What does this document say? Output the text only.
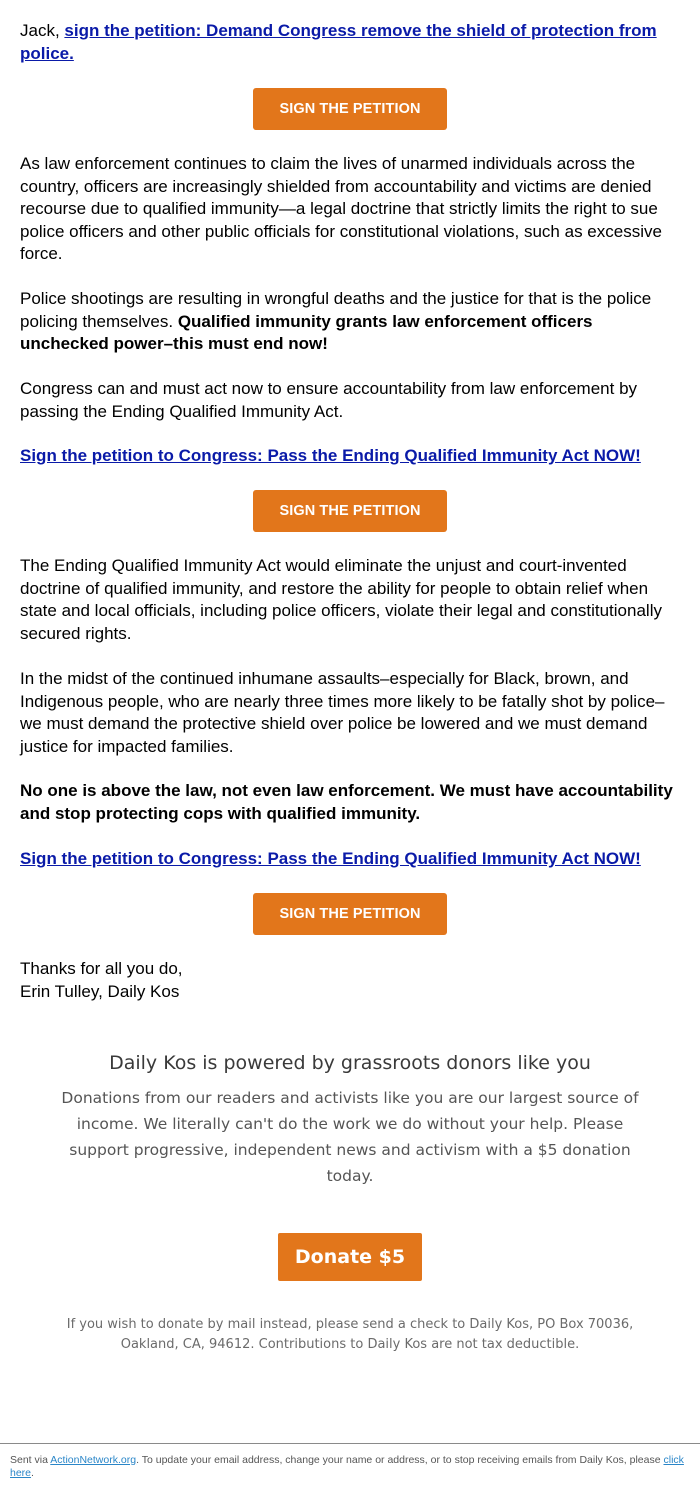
Jack, sign the petition: Demand Congress remove the shield of protection from police.

SIGN THE PETITION

As law enforcement continues to claim the lives of unarmed individuals across the country, officers are increasingly shielded from accountability and victims are denied recourse due to qualified immunity—a legal doctrine that strictly limits the right to sue police officers and other public officials for constitutional violations, such as excessive force.

Police shootings are resulting in wrongful deaths and the justice for that is the police policing themselves. Qualified immunity grants law enforcement officers unchecked power–this must end now!

Congress can and must act now to ensure accountability from law enforcement by passing the Ending Qualified Immunity Act.

Sign the petition to Congress: Pass the Ending Qualified Immunity Act NOW!

SIGN THE PETITION

The Ending Qualified Immunity Act would eliminate the unjust and court-invented doctrine of qualified immunity, and restore the ability for people to obtain relief when state and local officials, including police officers, violate their legal and constitutionally secured rights.

In the midst of the continued inhumane assaults–especially for Black, brown, and Indigenous people, who are nearly three times more likely to be fatally shot by police–we must demand the protective shield over police be lowered and we must demand justice for impacted families.

No one is above the law, not even law enforcement. We must have accountability and stop protecting cops with qualified immunity.

Sign the petition to Congress: Pass the Ending Qualified Immunity Act NOW!

SIGN THE PETITION

Thanks for all you do,
Erin Tulley, Daily Kos

Daily Kos is powered by grassroots donors like you

Donations from our readers and activists like you are our largest source of income. We literally can't do the work we do without your help. Please support progressive, independent news and activism with a $5 donation today.

Donate $5

If you wish to donate by mail instead, please send a check to Daily Kos, PO Box 70036, Oakland, CA, 94612. Contributions to Daily Kos are not tax deductible.

Sent via ActionNetwork.org. To update your email address, change your name or address, or to stop receiving emails from Daily Kos, please click here.
